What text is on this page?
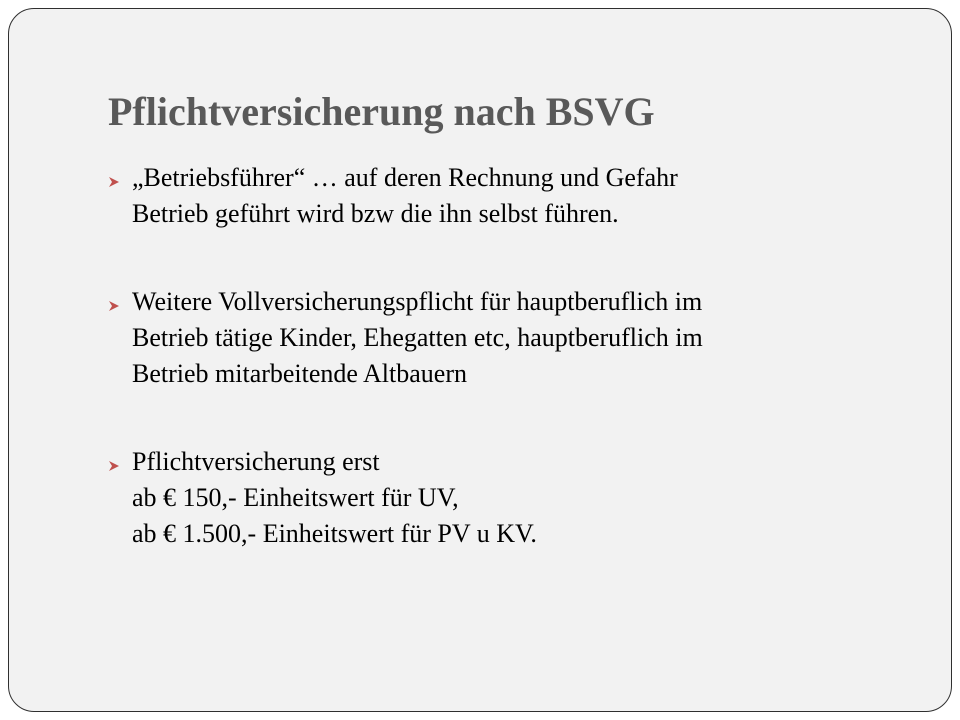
Pflichtversicherung nach BSVG
„Betriebsführer“ … auf deren Rechnung und Gefahr
Betrieb geführt wird bzw die ihn selbst führen.
Weitere Vollversicherungspflicht für hauptberuflich im
Betrieb tätige Kinder, Ehegatten etc, hauptberuflich im
Betrieb mitarbeitende Altbauern
Pflichtversicherung erst
ab € 150,- Einheitswert für UV,
ab € 1.500,- Einheitswert für PV u KV.
